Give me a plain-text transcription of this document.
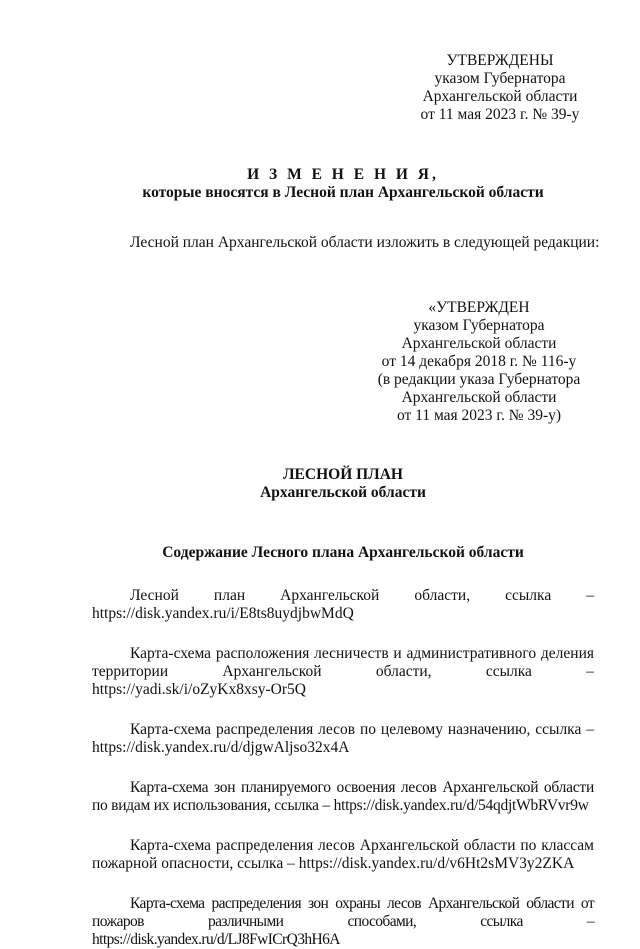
УТВЕРЖДЕНЫ
указом Губернатора
Архангельской области
от 11 мая 2023 г. № 39-у
И З М Е Н Е Н И Я,
которые вносятся в Лесной план Архангельской области
Лесной план Архангельской области изложить в следующей редакции:
«УТВЕРЖДЕН
указом Губернатора
Архангельской области
от 14 декабря 2018 г. № 116-у
(в редакции указа Губернатора
Архангельской области
от 11 мая 2023 г. № 39-у)
ЛЕСНОЙ ПЛАН
Архангельской области
Содержание Лесного плана Архангельской области
Лесной план Архангельской области, ссылка – https://disk.yandex.ru/i/E8ts8uydjbwMdQ
Карта-схема расположения лесничеств и административного деления территории Архангельской области, ссылка – https://yadi.sk/i/oZyKx8xsy-Or5Q
Карта-схема распределения лесов по целевому назначению, ссылка – https://disk.yandex.ru/d/djgwAljso32x4A
Карта-схема зон планируемого освоения лесов Архангельской области по видам их использования, ссылка – https://disk.yandex.ru/d/54qdjtWbRVvr9w
Карта-схема распределения лесов Архангельской области по классам пожарной опасности, ссылка – https://disk.yandex.ru/d/v6Ht2sMV3y2ZKA
Карта-схема распределения зон охраны лесов Архангельской области от пожаров различными способами, ссылка – https://disk.yandex.ru/d/LJ8FwICrQ3hH6A
